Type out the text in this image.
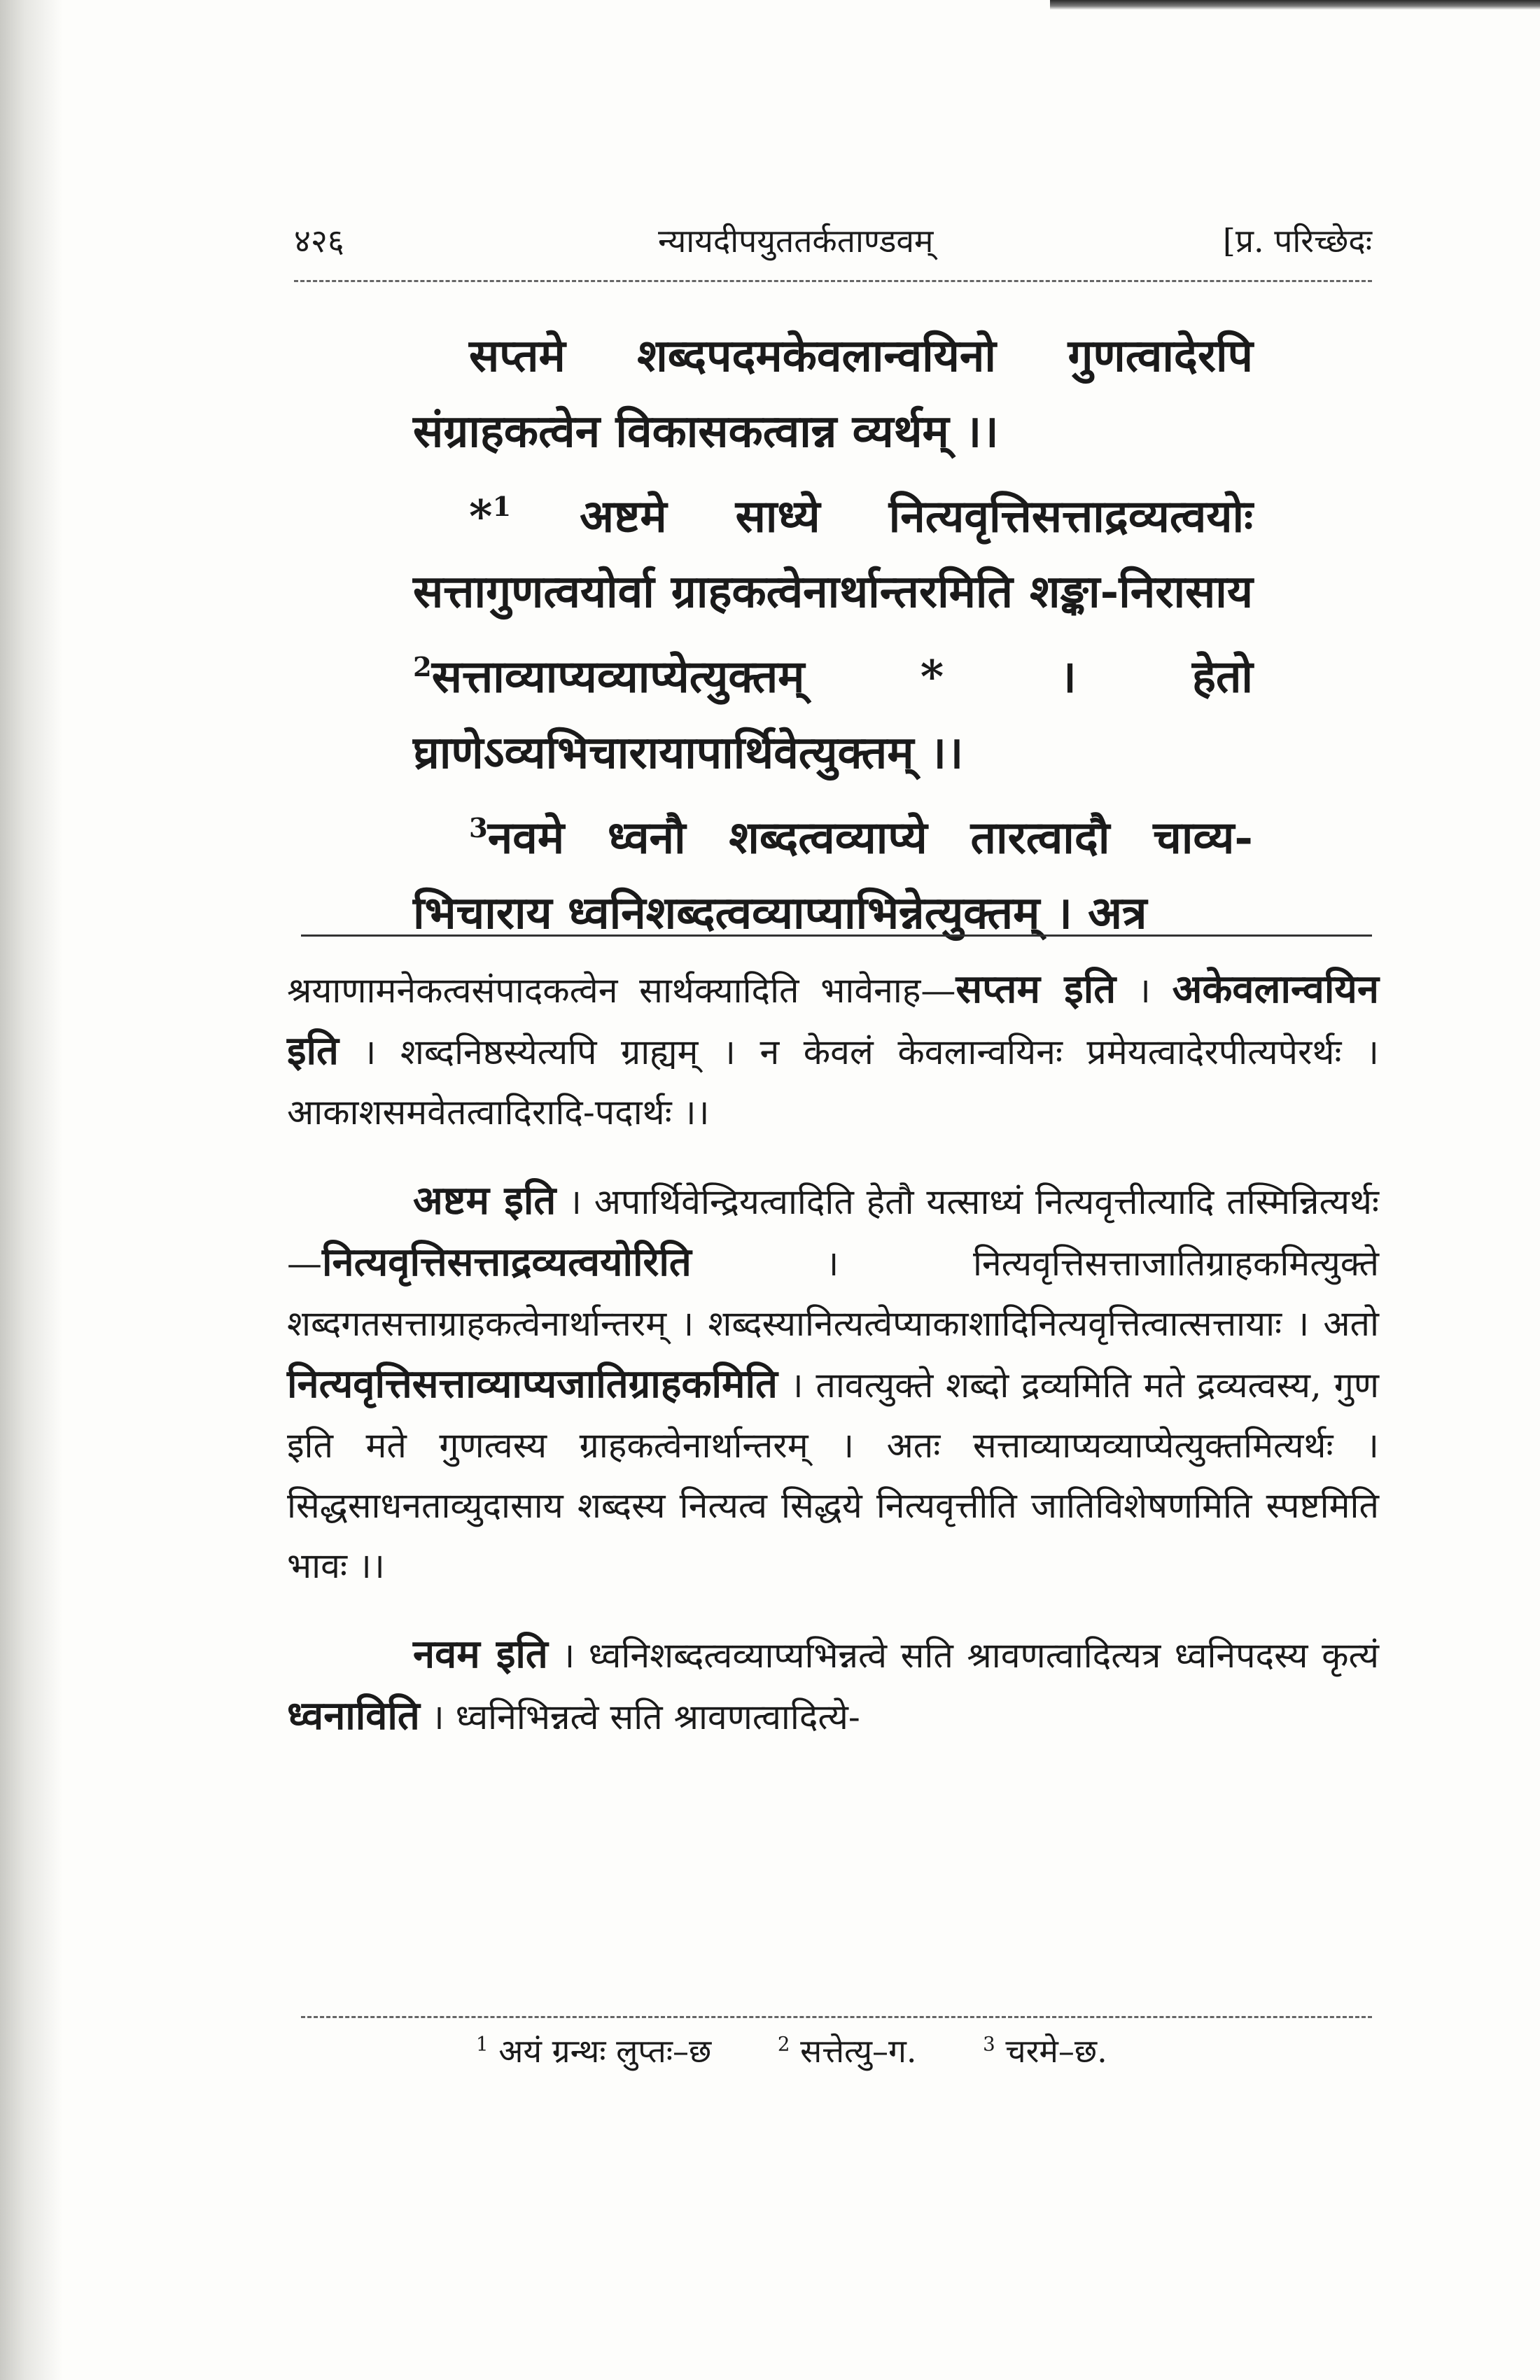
४२६	न्यायदीपयुततर्कताण्डवम्	[प्र. परिच्छेदः

सप्तमे शब्दपदमकेवलान्वयिनो गुणत्वादेरपि संग्राहकत्वेन विकासकत्वान्न व्यर्थम् ।।

*$^1$ अष्टमे साध्ये नित्यवृत्तिसत्ताद्रव्यत्वयोः सत्तागुणत्वयोर्वा ग्राहकत्वेनार्थान्तरमिति शङ्का-निरासाय $^2$सत्ताव्याप्यव्याप्येत्युक्तम् * । हेतो घ्राणेऽव्यभिचारायापार्थिवेत्युक्तम् ।।

$^3$नवमे ध्वनौ शब्दत्वव्याप्ये तारत्वादौ चाव्य-भिचाराय ध्वनिशब्दत्वव्याप्याभिन्नेत्युक्तम् । अत्र

श्रयाणामनेकत्वसंपादकत्वेन सार्थक्यादिति भावेनाह—सप्तम इति । अकेवलान्वयिन इति । शब्दनिष्ठस्येत्यपि ग्राह्यम् । न केवलं केवलान्वयिनः प्रमेयत्वादेरपीत्यपेरर्थः । आकाशसमवेतत्वादिरादि-पदार्थः ।।

अष्टम इति । अपार्थिवेन्द्रियत्वादिति हेतौ यत्साध्यं नित्यवृत्तीत्यादि तस्मिन्नित्यर्थः—नित्यवृत्तिसत्ताद्रव्यत्वयोरिति । नित्यवृत्तिसत्ताजातिग्राहकमित्युक्ते शब्दगतसत्ताग्राहकत्वेनार्थान्तरम् । शब्दस्यानित्यत्वेप्याकाशादिनित्यवृत्तित्वात्सत्तायाः । अतो नित्यवृत्तिसत्ताव्याप्यजातिग्राहकमिति । तावत्युक्ते शब्दो द्रव्यमिति मते द्रव्यत्वस्य, गुण इति मते गुणत्वस्य ग्राहकत्वेनार्थान्तरम् । अतः सत्ताव्याप्यव्याप्येत्युक्तमित्यर्थः । सिद्धसाधनताव्युदासाय शब्दस्य नित्यत्व सिद्धये नित्यवृत्तीति जातिविशेषणमिति स्पष्टमिति भावः ।।

नवम इति । ध्वनिशब्दत्वव्याप्यभिन्नत्वे सति श्रावणत्वादित्यत्र ध्वनिपदस्य कृत्यं ध्वनाविति । ध्वनिभिन्नत्वे सति श्रावणत्वादित्ये-

$^1$ अयं ग्रन्थः लुप्तः–छ	$^2$ सत्तेत्यु–ग.	$^3$ चरमे–छ.
